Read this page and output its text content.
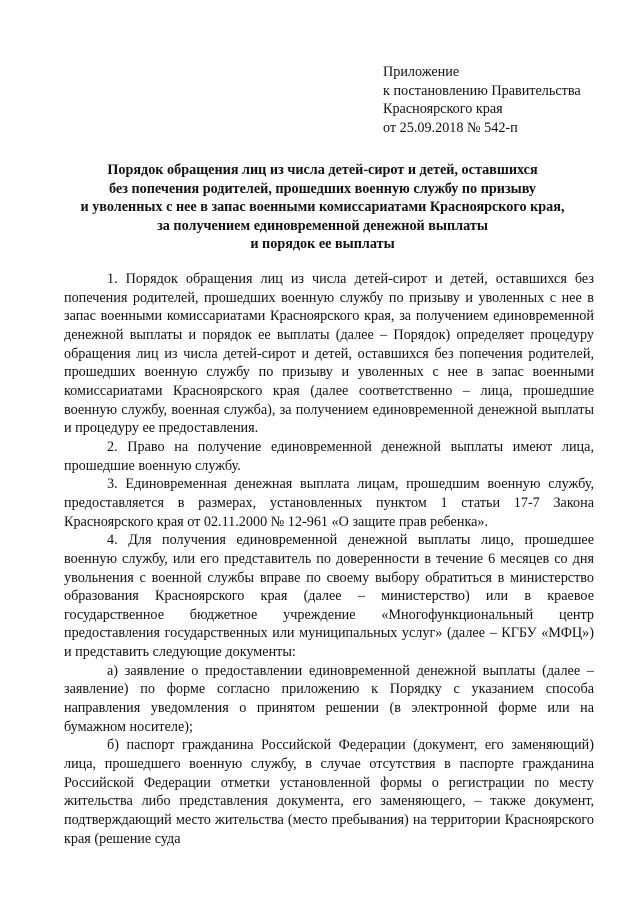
Приложение
к постановлению Правительства
Красноярского края
от 25.09.2018 № 542-п
Порядок обращения лиц из числа детей-сирот и детей, оставшихся
без попечения родителей, прошедших военную службу по призыву
и уволенных с нее в запас военными комиссариатами Красноярского края,
за получением единовременной денежной выплаты
и порядок ее выплаты

1. Порядок обращения лиц из числа детей-сирот и детей, оставшихся без попечения родителей, прошедших военную службу по призыву и уволенных с нее в запас военными комиссариатами Красноярского края, за получением единовременной денежной выплаты и порядок ее выплаты (далее – Порядок) определяет процедуру обращения лиц из числа детей-сирот и детей, оставшихся без попечения родителей, прошедших военную службу по призыву и уволенных с нее в запас военными комиссариатами Красноярского края (далее соответственно – лица, прошедшие военную службу, военная служба), за получением единовременной денежной выплаты и процедуру ее предоставления.

2. Право на получение единовременной денежной выплаты имеют лица, прошедшие военную службу.

3. Единовременная денежная выплата лицам, прошедшим военную службу, предоставляется в размерах, установленных пунктом 1 статьи 17-7 Закона Красноярского края от 02.11.2000 № 12-961 «О защите прав ребенка».

4. Для получения единовременной денежной выплаты лицо, прошедшее военную службу, или его представитель по доверенности в течение 6 месяцев со дня увольнения с военной службы вправе по своему выбору обратиться в министерство образования Красноярского края (далее – министерство) или в краевое государственное бюджетное учреждение «Многофункциональный центр предоставления государственных или муниципальных услуг» (далее – КГБУ «МФЦ») и представить следующие документы:

а) заявление о предоставлении единовременной денежной выплаты (далее – заявление) по форме согласно приложению к Порядку с указанием способа направления уведомления о принятом решении (в электронной форме или на бумажном носителе);

б) паспорт гражданина Российской Федерации (документ, его заменяющий) лица, прошедшего военную службу, в случае отсутствия в паспорте гражданина Российской Федерации отметки установленной формы о регистрации по месту жительства либо представления документа, его заменяющего, – также документ, подтверждающий место жительства (место пребывания) на территории Красноярского края (решение суда
